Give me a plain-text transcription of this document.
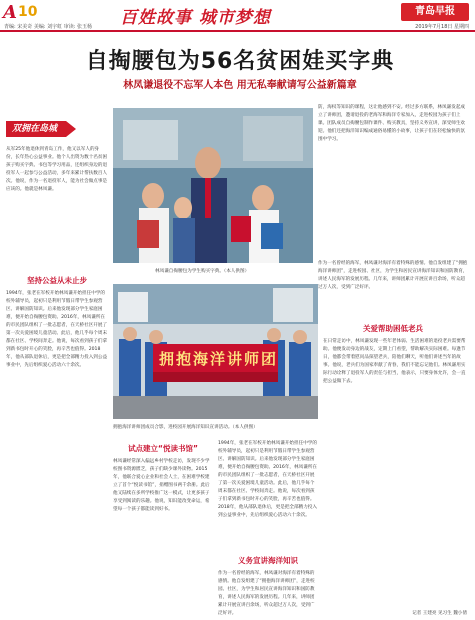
A 10	百姓故事 城市梦想	青岛早报
青编: 宋美奇 美编: 刘宇虹 审读: 张玉杨	2019年7月18日 星期四
自掏腰包为56名贫困娃买字典
林凤谦退役不忘军人本色 用无私奉献请写公益新篇章
双拥在岛城
从军25年他退休到青岛工作，他又以军人的身份，长年热心公益事业。他个人出资为数十名贫困孩子购买字典、书包等学习用品，还组织身边的退役军人一起参与公益活动，多年来累计帮扶数百人次。他说，作为一名退役军人，能为社会做点事是应该的。他就是林凤谦。
坚持公益从未止步
1994年，张老在军校开始林凤谦开始担任中学的校外辅导员，起初只是利用节假日带学生参观营区、讲解国防知识。后来他发现部分学生家庭困难，便开始自掏腰包资助。2016年，林凤谦所在的市民团队组织了一批志愿者，在天桥社区开展了第一次关爱困境儿童活动。此后，他几乎每个周末都在社区、学校间奔走。他说，每次看到孩子们拿到新书包时开心的笑脸，再辛苦也值得。2018年，他从部队退休后，更是把全部精力投入到公益事业中，先后组织爱心活动六十余次。
林凤谦自掏腰包为学生购买字典。（本人供图）
防，海权等知识的课程，这让他感到不安。经过多方联系，林凤谦发起成立了讲师团，邀请退役的老海军和海洋专家加入，走进校园为孩子们上课。团队成员自掏腰包制作课件、购买教具，坚持义务宣讲，深受师生欢迎。他们还把海洋知识编成通俗易懂的小故事，让孩子们在轻松愉快的氛围中学习。
拥抱海洋讲师团
拥抱海洋讲师团成员合影，进校园开展海洋知识宣讲活动。（本人供图）
试点建立“悦读书馆”
林凤谦经常深入偏远乡村学校走访，发现不少学校图书资源匮乏，孩子们缺少课外读物。2015年，他联合爱心企业和社会人士，在困难学校建立了首个“悦读书馆”，捐赠图书两千余册。此后他又陆续在多所学校推广这一模式，让更多孩子享受到阅读的乐趣。他说，知识能改变命运，希望每一个孩子都能读到好书。
1994年，张老在军校开始林凤谦开始担任中学的校外辅导员，起初只是利用节假日带学生参观营区、讲解国防知识。后来他发现部分学生家庭困难，便开始自掏腰包资助。2016年，林凤谦所在的市民团队组织了一批志愿者，在天桥社区开展了第一次关爱困境儿童活动。此后，他几乎每个周末都在社区、学校间奔走。他说，每次看到孩子们拿到新书包时开心的笑脸，再辛苦也值得。2018年，他从部队退休后，更是把全部精力投入到公益事业中，先后组织爱心活动六十余次。
义务宣讲海洋知识
作为一名曾经的海军，林凤谦对海洋有着特殊的感情。他自发组建了“拥抱海洋讲师团”，走进校园、社区，为学生和居民宣讲海洋知识和国防教育，讲述人民海军的发展历程。几年来，讲师团累计开展宣讲百余场，听众超过万人次，受到广泛好评。
作为一名曾经的海军，林凤谦对海洋有着特殊的感情。他自发组建了“拥抱海洋讲师团”，走进校园、社区，为学生和居民宣讲海洋知识和国防教育，讲述人民海军的发展历程。几年来，讲师团累计开展宣讲百余场，听众超过万人次，受到广泛好评。
关爱帮助困低老兵
在日常走访中，林凤谦发现一些年老体弱、生活困难的退役老兵需要帮助。他便发动身边的战友，定期上门看望，帮助解决实际困难。每逢节日，他都会带着慰问品探望老兵，陪他们聊天，听他们讲述当年的故事。他说，老兵们为国家奉献了青春，我们不能忘记他们。林凤谦用实际行动诠释了退役军人的责任与担当，他表示，只要身体允许，会一直把公益做下去。
记者 王建亮 见习生 魏小倩
